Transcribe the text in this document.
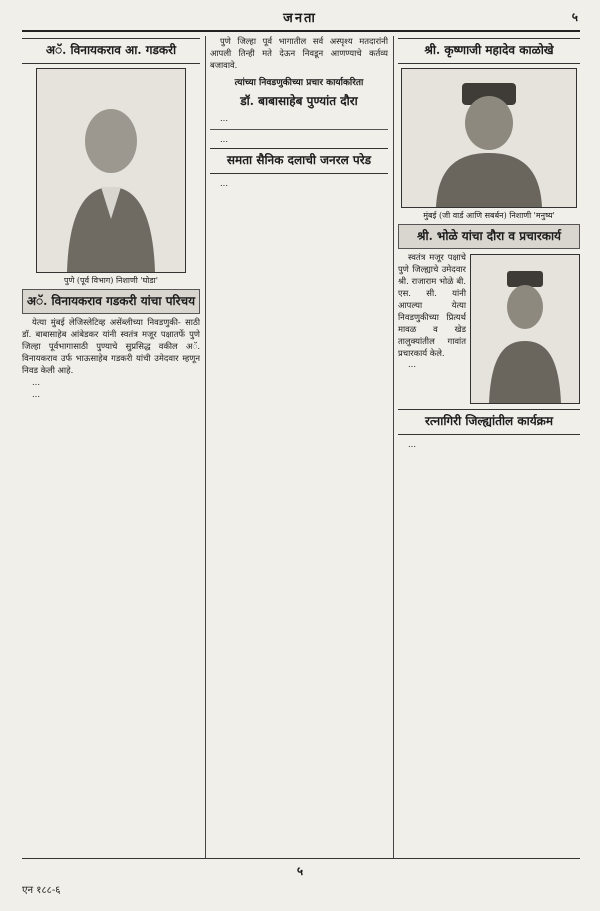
जनता	५
अॅ. विनायकराव आ. गडकरी
पुणे (पूर्व विभाग) निशाणी 'घोडा'
अॅ. विनायकराव गडकरी यांचा परिचय

येत्या मुंबई लेजिस्लेटिव्ह असेंब्लीच्या निवडणुकी- साठी डॉ. बाबासाहेब आंबेडकर यांनी स्वतंत्र मजूर पक्षातर्फे पुणे जिल्हा पूर्वभागासाठी पुण्याचे सुप्रसिद्ध वकील अॅ. विनायकराव उर्फ भाऊसाहेब गडकरी यांची उमेदवार म्हणून निवड केली आहे.

...

...

पुणे जिल्हा पूर्व भागातील सर्व अस्पृश्य मतदारांनी आपली तिन्ही मते देऊन निवडून आणण्याचे कर्तव्य बजावावे.

त्यांच्या निवडणुकीच्या प्रचार कार्याकरिता
डॉ. बाबासाहेब पुण्यांत दौरा

...

...

समता सैनिक दलाची जनरल परेड

...

श्री. कृष्णाजी महादेव काळोखे
मुंबई (जी वार्ड आणि सबर्बन) निशाणी 'मनुष्य'
श्री. भोळे यांचा दौरा व प्रचारकार्य

स्वतंत्र मजूर पक्षाचे पुणे जिल्ह्याचे उमेदवार श्री. राजाराम भोळे बी. एस. सी. यांनी आपल्या येत्या निवडणुकीच्या प्रित्यर्थ मावळ व खेड तालुक्यांतील गावांत प्रचारकार्य केले.

...

रत्नागिरी जिल्ह्यांतील कार्यक्रम

...

५
एन १८८-६
